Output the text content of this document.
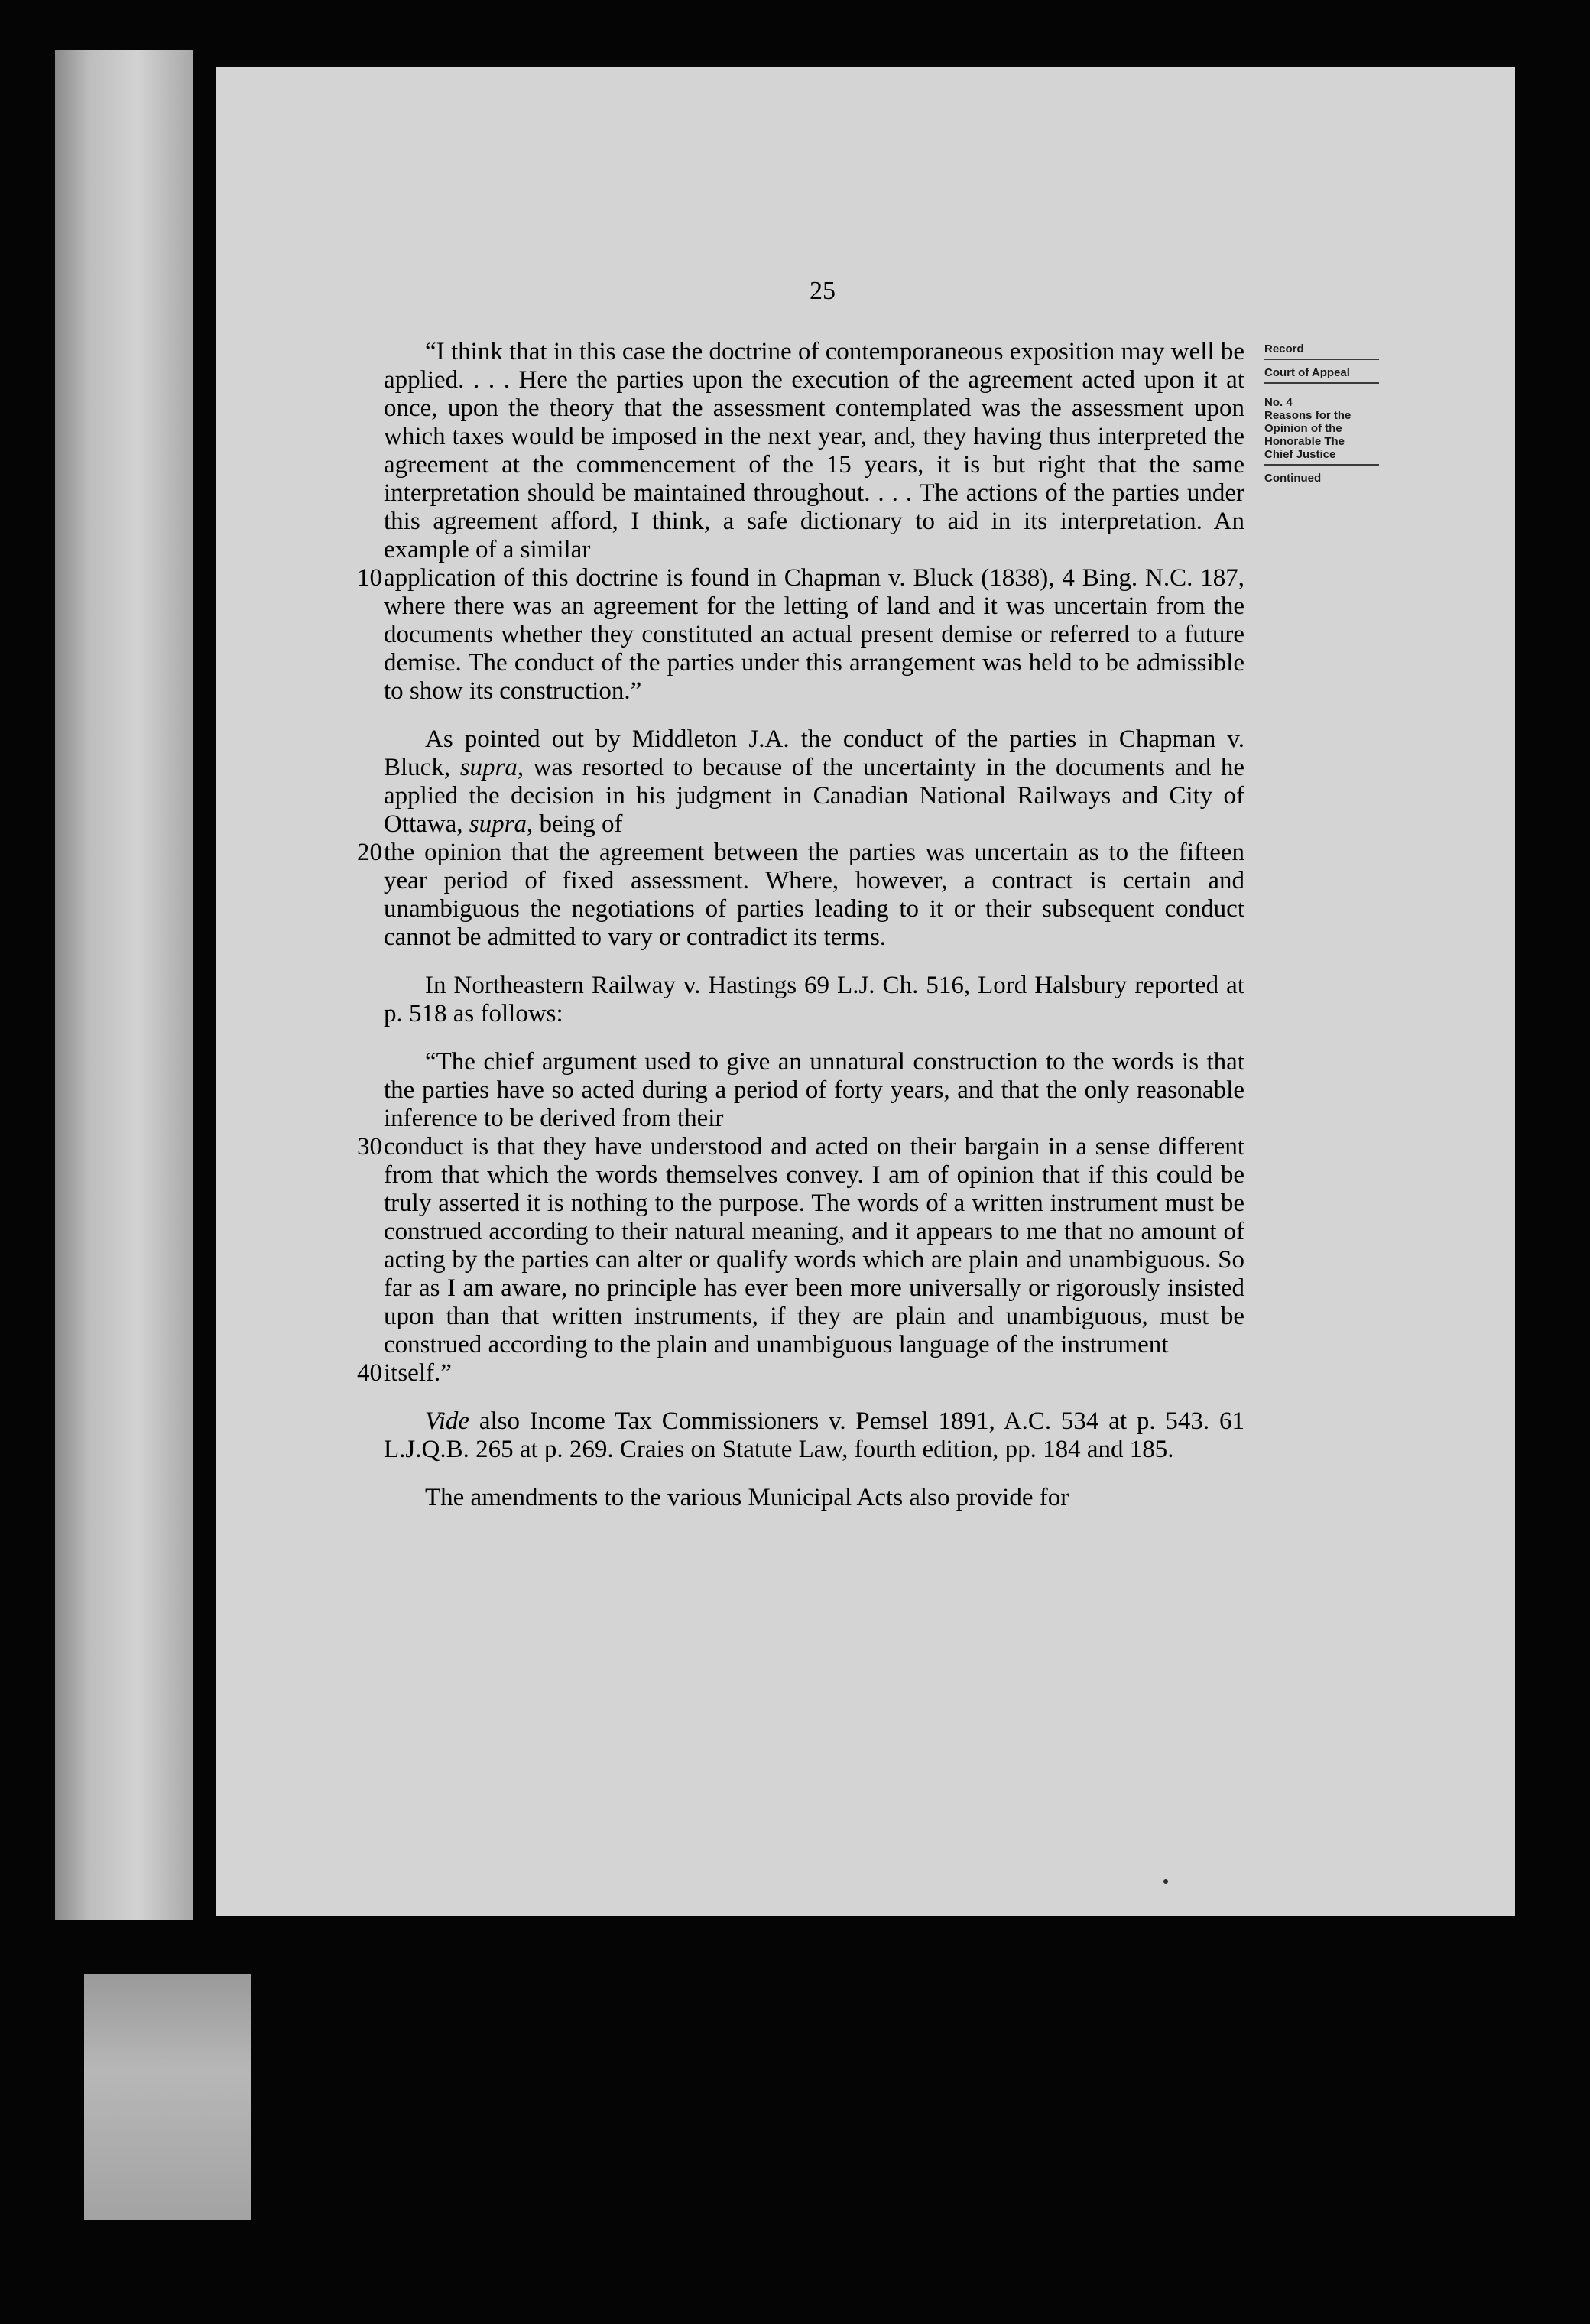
25

Record

Court of Appeal

No. 4

Reasons for the

Opinion of the

Honorable The

Chief Justice

Continued

“I think that in this case the doctrine of contemporaneous exposition may well be applied. . . . Here the parties upon the execution of the agreement acted upon it at once, upon the theory that the assessment contemplated was the assessment upon which taxes would be imposed in the next year, and, they having thus interpreted the agreement at the commencement of the 15 years, it is but right that the same interpretation should be maintained throughout. . . . The actions of the parties under this agreement afford, I think, a safe dictionary to aid in its interpretation. An example of a similar
10 application of this doctrine is found in Chapman v. Bluck (1838), 4 Bing. N.C. 187, where there was an agreement for the letting of land and it was uncertain from the documents whether they constituted an actual present demise or referred to a future demise. The conduct of the parties under this arrangement was held to be admissible to show its construction.”
As pointed out by Middleton J.A. the conduct of the parties in Chapman v. Bluck, supra, was resorted to because of the uncertainty in the documents and he applied the decision in his judgment in Canadian National Railways and City of Ottawa, supra, being of
20 the opinion that the agreement between the parties was uncertain as to the fifteen year period of fixed assessment. Where, however, a contract is certain and unambiguous the negotiations of parties leading to it or their subsequent conduct cannot be admitted to vary or contradict its terms.
In Northeastern Railway v. Hastings 69 L.J. Ch. 516, Lord Halsbury reported at p. 518 as follows:
“The chief argument used to give an unnatural construction to the words is that the parties have so acted during a period of forty years, and that the only reasonable inference to be derived from their
30 conduct is that they have understood and acted on their bargain in a sense different from that which the words themselves convey. I am of opinion that if this could be truly asserted it is nothing to the purpose. The words of a written instrument must be construed according to their natural meaning, and it appears to me that no amount of acting by the parties can alter or qualify words which are plain and unambiguous. So far as I am aware, no principle has ever been more universally or rigorously insisted upon than that written instruments, if they are plain and unambiguous, must be construed according to the plain and unambiguous language of the instrument
40 itself.”
Vide also Income Tax Commissioners v. Pemsel 1891, A.C. 534 at p. 543. 61 L.J.Q.B. 265 at p. 269. Craies on Statute Law, fourth edition, pp. 184 and 185.
The amendments to the various Municipal Acts also provide for
